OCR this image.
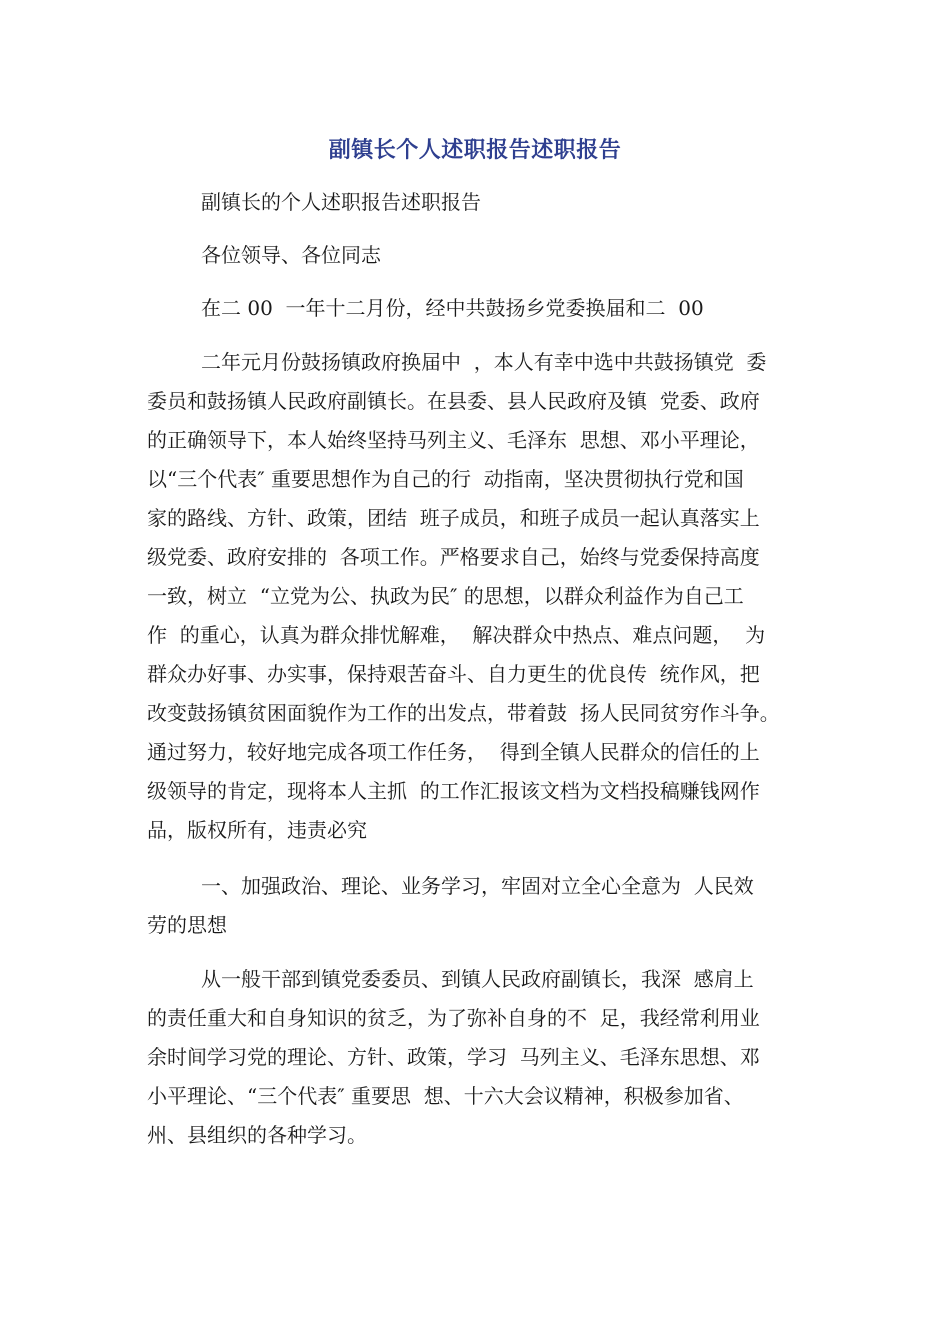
副镇长个人述职报告述职报告
副镇长的个人述职报告述职报告
各位领导、各位同志
在二 00  一年十二月份，经中共鼓扬乡党委换届和二  00
二年元月份鼓扬镇政府换届中  ，本人有幸中选中共鼓扬镇党  委
委员和鼓扬镇人民政府副镇长。在县委、县人民政府及镇  党委、政府
的正确领导下，本人始终坚持马列主义、毛泽东  思想、邓小平理论，
以“三个代表″ 重要思想作为自己的行  动指南，坚决贯彻执行党和国
家的路线、方针、政策，团结  班子成员，和班子成员一起认真落实上
级党委、政府安排的  各项工作。严格要求自己，始终与党委保持高度
一致，树立  “立党为公、执政为民″ 的思想，以群众利益作为自己工
作  的重心，认真为群众排忧解难，  解决群众中热点、难点问题，  为
群众办好事、办实事，保持艰苦奋斗、自力更生的优良传  统作风，把
改变鼓扬镇贫困面貌作为工作的出发点，带着鼓  扬人民同贫穷作斗争。
通过努力，较好地完成各项工作任务，  得到全镇人民群众的信任的上
级领导的肯定，现将本人主抓  的工作汇报该文档为文档投稿赚钱网作
品，版权所有，违责必究
一、加强政治、理论、业务学习，牢固对立全心全意为  人民效
劳的思想
从一般干部到镇党委委员、到镇人民政府副镇长，我深  感肩上
的责任重大和自身知识的贫乏，为了弥补自身的不  足，我经常利用业
余时间学习党的理论、方针、政策，学习  马列主义、毛泽东思想、邓
小平理论、“三个代表″ 重要思  想、十六大会议精神，积极参加省、
州、县组织的各种学习。
